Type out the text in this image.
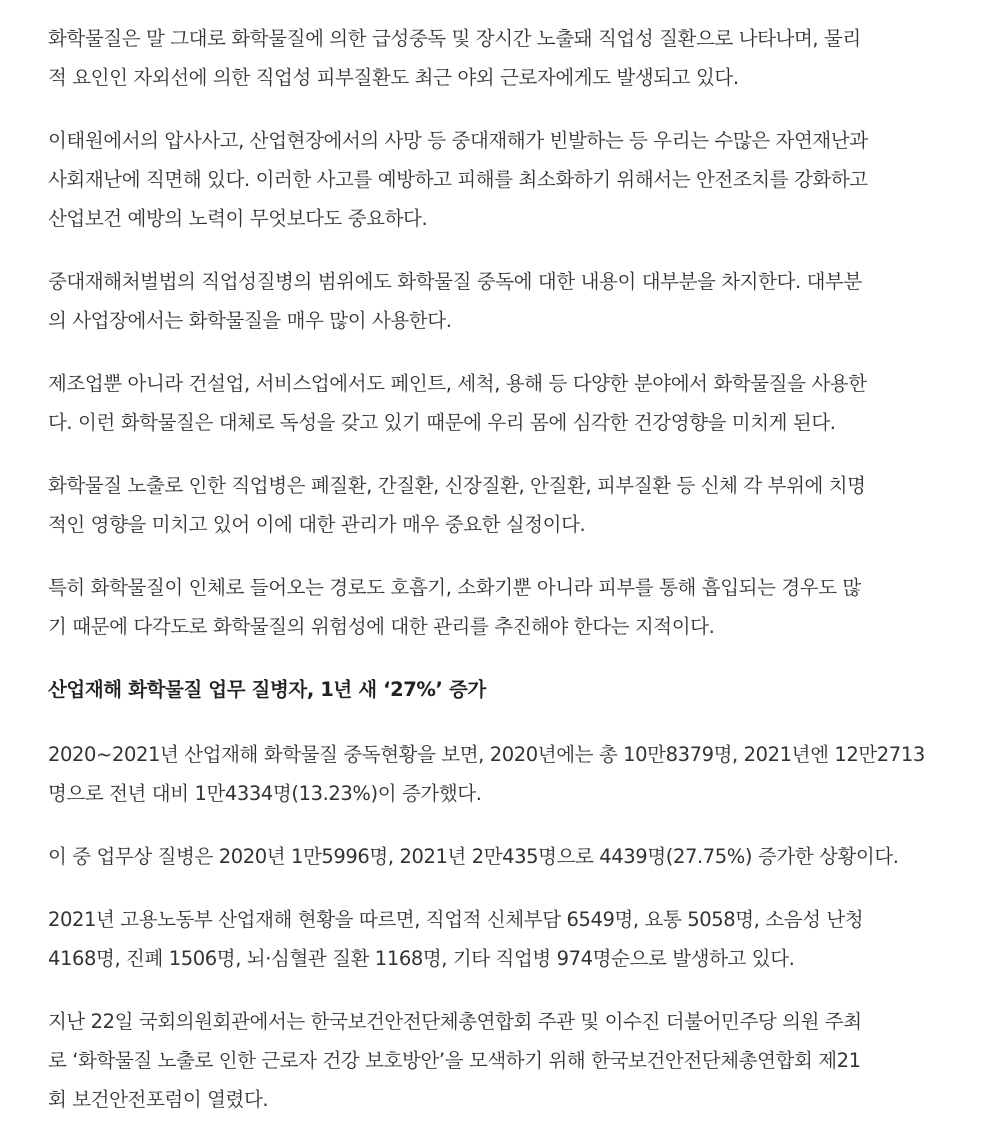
화학물질은 말 그대로 화학물질에 의한 급성중독 및 장시간 노출돼 직업성 질환으로 나타나며, 물리
적 요인인 자외선에 의한 직업성 피부질환도 최근 야외 근로자에게도 발생되고 있다.

이태원에서의 압사사고, 산업현장에서의 사망 등 중대재해가 빈발하는 등 우리는 수많은 자연재난과
사회재난에 직면해 있다. 이러한 사고를 예방하고 피해를 최소화하기 위해서는 안전조치를 강화하고
산업보건 예방의 노력이 무엇보다도 중요하다.

중대재해처벌법의 직업성질병의 범위에도 화학물질 중독에 대한 내용이 대부분을 차지한다. 대부분
의 사업장에서는 화학물질을 매우 많이 사용한다.

제조업뿐 아니라 건설업, 서비스업에서도 페인트, 세척, 용해 등 다양한 분야에서 화학물질을 사용한
다. 이런 화학물질은 대체로 독성을 갖고 있기 때문에 우리 몸에 심각한 건강영향을 미치게 된다.

화학물질 노출로 인한 직업병은 폐질환, 간질환, 신장질환, 안질환, 피부질환 등 신체 각 부위에 치명
적인 영향을 미치고 있어 이에 대한 관리가 매우 중요한 실정이다.

특히 화학물질이 인체로 들어오는 경로도 호흡기, 소화기뿐 아니라 피부를 통해 흡입되는 경우도 많
기 때문에 다각도로 화학물질의 위험성에 대한 관리를 추진해야 한다는 지적이다.

산업재해 화학물질 업무 질병자, 1년 새 ‘27%’ 증가

2020~2021년 산업재해 화학물질 중독현황을 보면, 2020년에는 총 10만8379명, 2021년엔 12만2713
명으로 전년 대비 1만4334명(13.23%)이 증가했다.

이 중 업무상 질병은 2020년 1만5996명, 2021년 2만435명으로 4439명(27.75%) 증가한 상황이다.

2021년 고용노동부 산업재해 현황을 따르면, 직업적 신체부담 6549명, 요통 5058명, 소음성 난청
4168명, 진폐 1506명, 뇌·심혈관 질환 1168명, 기타 직업병 974명순으로 발생하고 있다.

지난 22일 국회의원회관에서는 한국보건안전단체총연합회 주관 및 이수진 더불어민주당 의원 주최
로 ‘화학물질 노출로 인한 근로자 건강 보호방안’을 모색하기 위해 한국보건안전단체총연합회 제21
회 보건안전포럼이 열렸다.
